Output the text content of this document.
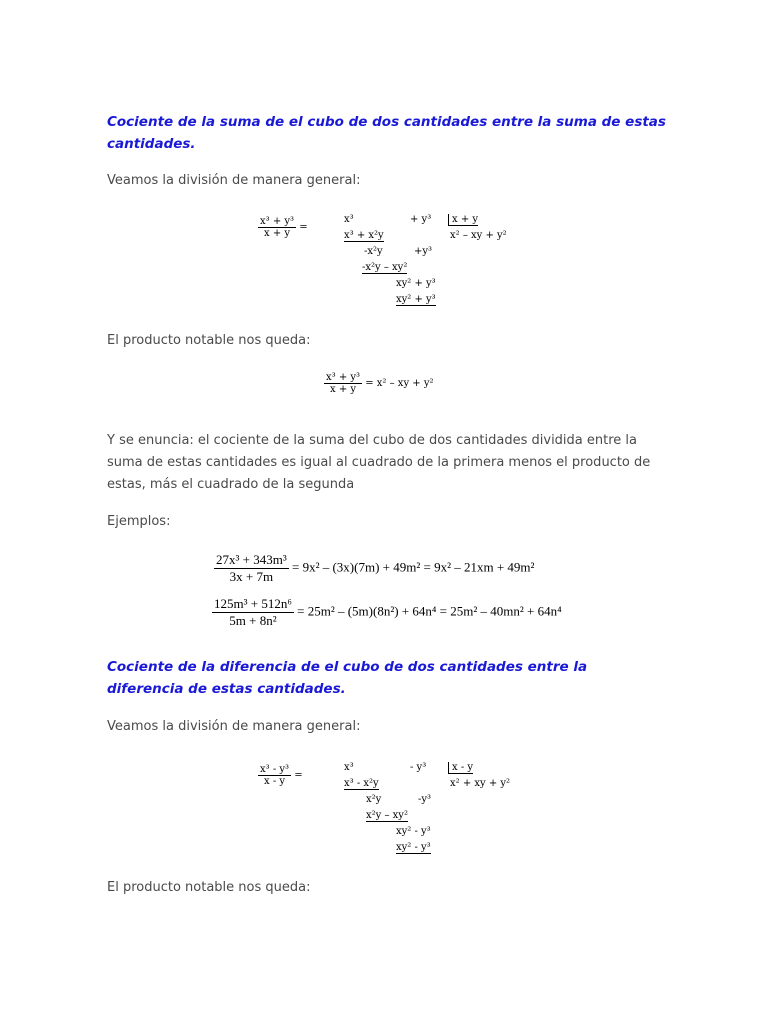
Cociente de la suma de el cubo de dos cantidades entre la suma de estas cantidades.
Veamos la división de manera general:
$\frac{\text{x³ + y³}}{x + y}$ =
x³	+ y³	x + y
x² – xy + y²
x³ + x²y
-x²y	+y³
-x²y – xy²
xy² + y³
xy² + y³
El producto notable nos queda:
$\frac{\text{x³ + y³}}{x + y} = x^2$ – xy + y²
Y se enuncia: el cociente de la suma del cubo de dos cantidades dividida entre la suma de estas cantidades es igual al cuadrado de la primera menos el producto de estas, más el cuadrado de la segunda
Ejemplos:
$\frac{\text{27x³ + 343m³}}{3x + 7m} = 9x^2 - (3x)(7m) + 49m^2 = 9x^2 - 21xm + 49m^2$
$\frac{\text{125m³ + 512n⁶}}{\text{5m + 8n²}} = 25m^2 - (5m)(8n^2) + 64n^4 = 25m^2 - 40mn^2 + 64n^4$
Cociente de la diferencia de el cubo de dos cantidades entre la diferencia de estas cantidades.
Veamos la división de manera general:
$\frac{\text{x³ - y³}}{x - y}$ =
x³	- y³	x - y
x² + xy + y²
x³ - x²y
x²y	-y³
x²y – xy²
xy² - y³
xy² - y³
El producto notable nos queda:
